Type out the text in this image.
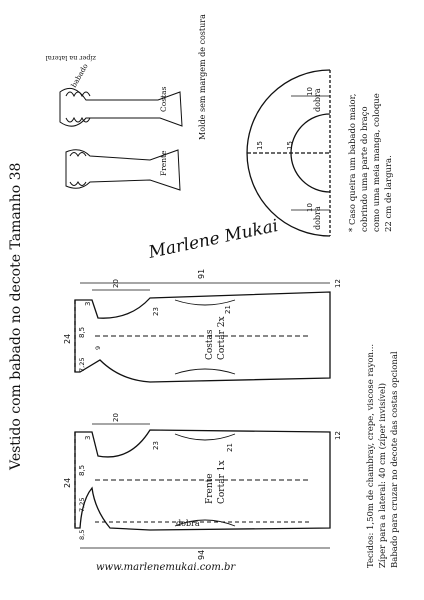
Vestido com babado no decote Tamanho 38
www.marlenemukai.com.br	Tecidos: 1,50m de chambray, crepe, viscose rayon... Zíper para a lateral: 40 cm (zíper invisível) Babado para cruzar no decote das costas opcional
* Caso queira um babado maior, cobrindo uma parte do braço como uma meia manga, coloque 22 cm de largura.
dobra
dobra
15	15
10
10
babado
zíper na lateral
Costas
Frente
Molde sem margem de costura
Marlene Mukai
Costas Cortar 2x
91
24
20
3
23	21
12
8,5
7,25
9
Frente Cortar 1x
dobra
94
24
20
3
23	21
12
8,5
7,25
8,5
